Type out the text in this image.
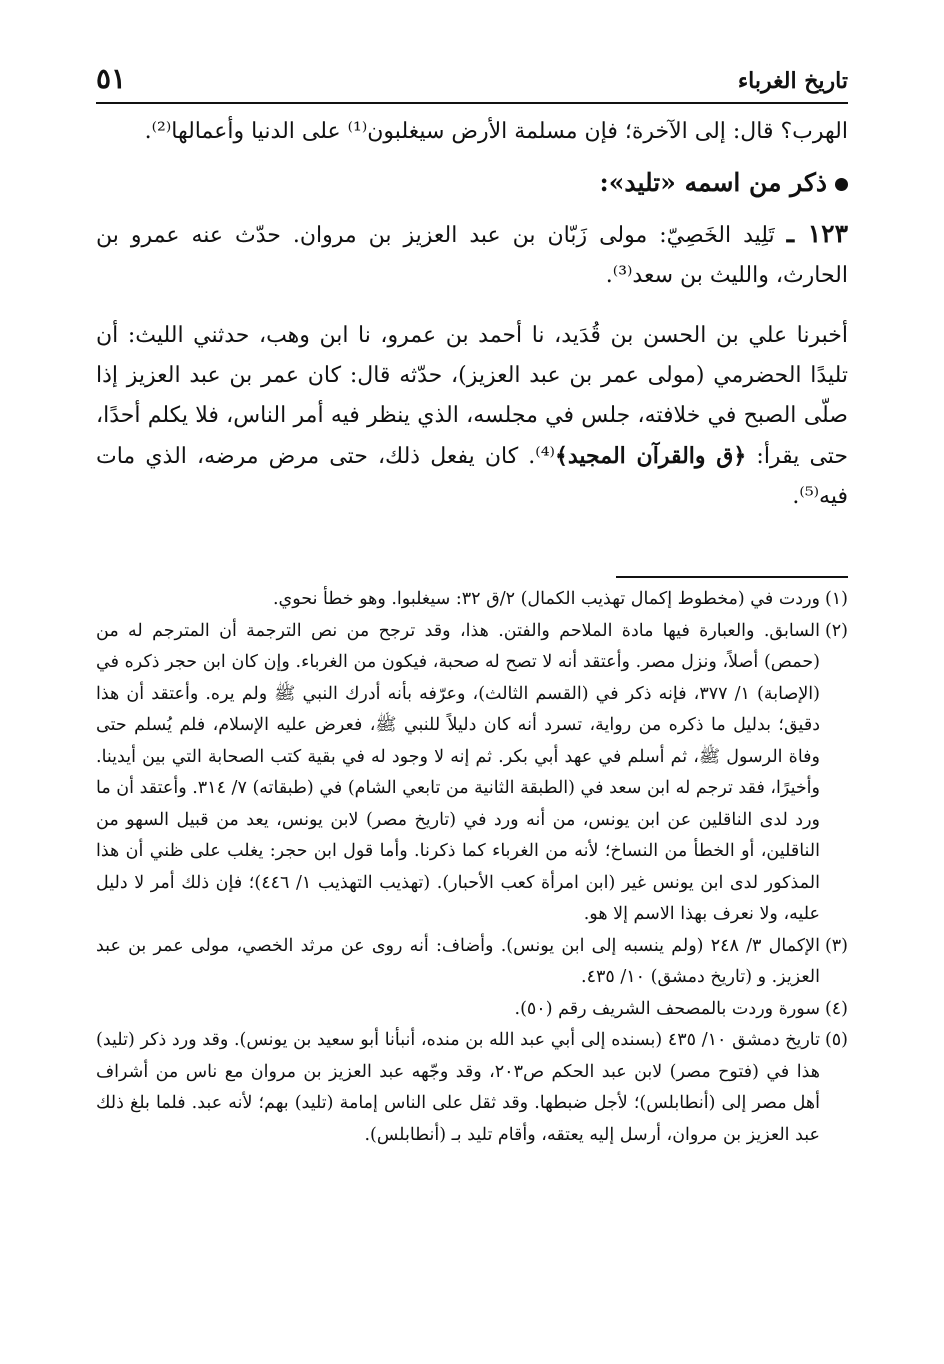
تاريخ الغرباء
٥١

الهرب؟ قال: إلى الآخرة؛ فإن مسلمة الأرض سيغلبون⁽¹⁾ على الدنيا وأعمالها⁽²⁾.

ذكر من اسمه «تليد»:

١٢٣ ـ تَلِيد الخَصِيّ: مولى زَبّان بن عبد العزيز بن مروان. حدّث عنه عمرو بن الحارث، والليث بن سعد⁽³⁾.

أخبرنا علي بن الحسن بن قُدَيد، نا أحمد بن عمرو، نا ابن وهب، حدثني الليث: أن تليدًا الحضرمي (مولى عمر بن عبد العزيز)، حدّثه قال: كان عمر بن عبد العزيز إذا صلّى الصبح في خلافته، جلس في مجلسه، الذي ينظر فيه أمر الناس، فلا يكلم أحدًا، حتى يقرأ: ﴿ق والقرآن المجيد﴾⁽⁴⁾. كان يفعل ذلك، حتى مرض مرضه، الذي مات فيه⁽⁵⁾.

(١)
وردت في (مخطوط إكمال تهذيب الكمال) ٢/ق ٣٢: سيغلبوا. وهو خطأ نحوي.

(٢)
السابق. والعبارة فيها مادة الملاحم والفتن. هذا، وقد ترجح من نص الترجمة أن المترجم له من (حمص) أصلاً، ونزل مصر. وأعتقد أنه لا تصح له صحبة، فيكون من الغرباء. وإن كان ابن حجر ذكره في (الإصابة) ١/ ٣٧٧، فإنه ذكر في (القسم الثالث)، وعرّفه بأنه أدرك النبي ﷺ ولم يره. وأعتقد أن هذا دقيق؛ بدليل ما ذكره من رواية، تسرد أنه كان دليلاً للنبي ﷺ، فعرض عليه الإسلام، فلم يُسلم حتى وفاة الرسول ﷺ، ثم أسلم في عهد أبي بكر. ثم إنه لا وجود له في بقية كتب الصحابة التي بين أيدينا. وأخيرًا، فقد ترجم له ابن سعد في (الطبقة الثانية من تابعي الشام) في (طبقاته) ٧/ ٣١٤. وأعتقد أن ما ورد لدى الناقلين عن ابن يونس، من أنه ورد في (تاريخ مصر) لابن يونس، يعد من قبيل السهو من الناقلين، أو الخطأ من النساخ؛ لأنه من الغرباء كما ذكرنا. وأما قول ابن حجر: يغلب على ظني أن هذا المذكور لدى ابن يونس غير (ابن امرأة كعب الأحبار). (تهذيب التهذيب ١/ ٤٤٦)؛ فإن ذلك أمر لا دليل عليه، ولا نعرف بهذا الاسم إلا هو.

(٣)
الإكمال ٣/ ٢٤٨ (ولم ينسبه إلى ابن يونس). وأضاف: أنه روى عن مرثد الخصي، مولى عمر بن عبد العزيز. و (تاريخ دمشق) ١٠/ ٤٣٥.

(٤)
سورة وردت بالمصحف الشريف رقم (٥٠).

(٥)
تاريخ دمشق ١٠/ ٤٣٥ (بسنده إلى أبي عبد الله بن منده، أنبأنا أبو سعيد بن يونس). وقد ورد ذكر (تليد) هذا في (فتوح مصر) لابن عبد الحكم ص٢٠٣، وقد وجّهه عبد العزيز بن مروان مع ناس من أشراف أهل مصر إلى (أنطابلس)؛ لأجل ضبطها. وقد ثقل على الناس إمامة (تليد) بهم؛ لأنه عبد. فلما بلغ ذلك عبد العزيز بن مروان، أرسل إليه يعتقه، وأقام تليد بـ (أنطابلس).
